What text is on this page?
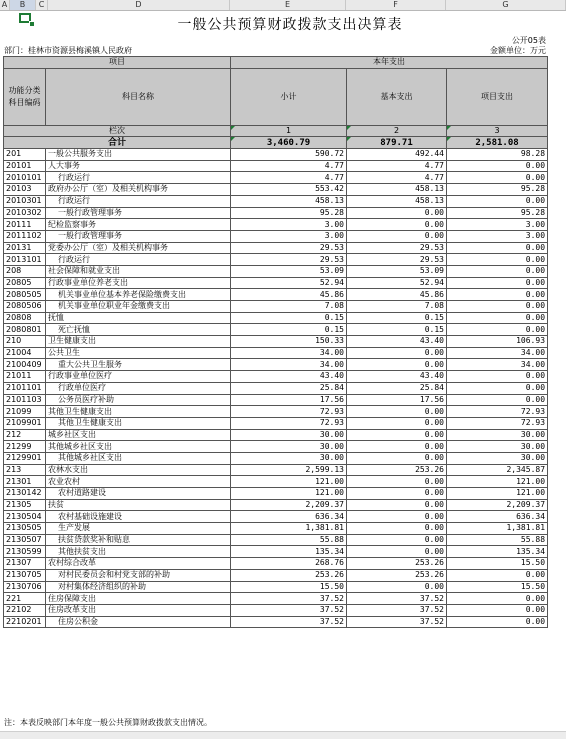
A	B	C	D	E	F	G
一般公共预算财政拨款支出决算表
公开05表
部门：桂林市资源县梅溪镇人民政府	金额单位：万元
项目		本年支出		
功能分类科目编码	科目名称	小计	基本支出	项目支出
栏次		1	2	3
合计		3,460.79	879.71	2,581.08
201	一般公共服务支出	590.72	492.44	98.28
20101	人大事务	4.77	4.77	0.00
2010101	行政运行	4.77	4.77	0.00
20103	政府办公厅（室）及相关机构事务	553.42	458.13	95.28
2010301	行政运行	458.13	458.13	0.00
2010302	一般行政管理事务	95.28	0.00	95.28
20111	纪检监察事务	3.00	0.00	3.00
2011102	一般行政管理事务	3.00	0.00	3.00
20131	党委办公厅（室）及相关机构事务	29.53	29.53	0.00
2013101	行政运行	29.53	29.53	0.00
208	社会保障和就业支出	53.09	53.09	0.00
20805	行政事业单位养老支出	52.94	52.94	0.00
2080505	机关事业单位基本养老保险缴费支出	45.86	45.86	0.00
2080506	机关事业单位职业年金缴费支出	7.08	7.08	0.00
20808	抚恤	0.15	0.15	0.00
2080801	死亡抚恤	0.15	0.15	0.00
210	卫生健康支出	150.33	43.40	106.93
21004	公共卫生	34.00	0.00	34.00
2100409	重大公共卫生服务	34.00	0.00	34.00
21011	行政事业单位医疗	43.40	43.40	0.00
2101101	行政单位医疗	25.84	25.84	0.00
2101103	公务员医疗补助	17.56	17.56	0.00
21099	其他卫生健康支出	72.93	0.00	72.93
2109901	其他卫生健康支出	72.93	0.00	72.93
212	城乡社区支出	30.00	0.00	30.00
21299	其他城乡社区支出	30.00	0.00	30.00
2129901	其他城乡社区支出	30.00	0.00	30.00
213	农林水支出	2,599.13	253.26	2,345.87
21301	农业农村	121.00	0.00	121.00
2130142	农村道路建设	121.00	0.00	121.00
21305	扶贫	2,209.37	0.00	2,209.37
2130504	农村基础设施建设	636.34	0.00	636.34
2130505	生产发展	1,381.81	0.00	1,381.81
2130507	扶贫贷款奖补和贴息	55.88	0.00	55.88
2130599	其他扶贫支出	135.34	0.00	135.34
21307	农村综合改革	268.76	253.26	15.50
2130705	对村民委员会和村党支部的补助	253.26	253.26	0.00
2130706	对村集体经济组织的补助	15.50	0.00	15.50
221	住房保障支出	37.52	37.52	0.00
22102	住房改革支出	37.52	37.52	0.00
2210201	住房公积金	37.52	37.52	0.00
注：本表反映部门本年度一般公共预算财政拨款支出情况。
